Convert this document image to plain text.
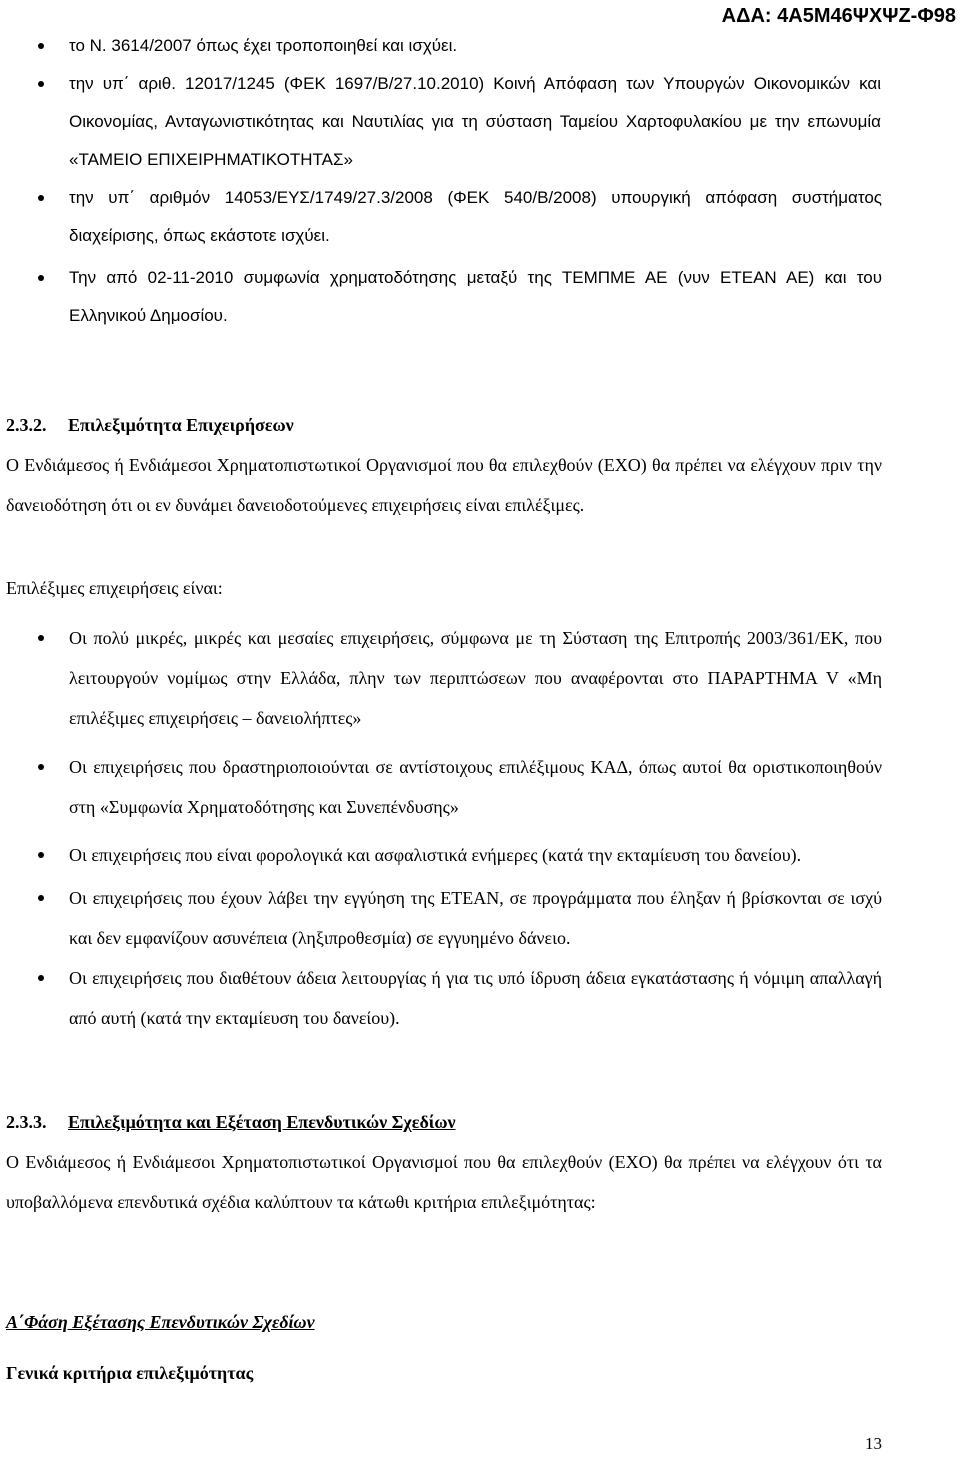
ΑΔΑ: 4Α5Μ46ΨΧΨΖ-Φ98
το Ν. 3614/2007 όπως έχει τροποποιηθεί και ισχύει.
την υπ΄ αριθ. 12017/1245 (ΦΕΚ 1697/Β/27.10.2010) Κοινή Απόφαση των Υπουργών Οικονομικών και Οικονομίας, Ανταγωνιστικότητας και Ναυτιλίας για τη σύσταση Ταμείου Χαρτοφυλακίου με την επωνυμία «ΤΑΜΕΙΟ ΕΠΙΧΕΙΡΗΜΑΤΙΚΟΤΗΤΑΣ»
την υπ΄ αριθμόν 14053/ΕΥΣ/1749/27.3/2008 (ΦΕΚ 540/Β/2008) υπουργική απόφαση συστήματος διαχείρισης, όπως εκάστοτε ισχύει.
Την από 02-11-2010 συμφωνία χρηματοδότησης μεταξύ της ΤΕΜΠΜΕ ΑΕ (νυν ΕΤΕΑΝ ΑΕ) και του Ελληνικού Δημοσίου.
2.3.2. Επιλεξιμότητα Επιχειρήσεων

Ο Ενδιάμεσος ή Ενδιάμεσοι Χρηματοπιστωτικοί Οργανισμοί που θα επιλεχθούν (ΕΧΟ) θα πρέπει να ελέγχουν πριν την δανειοδότηση ότι οι εν δυνάμει δανειοδοτούμενες επιχειρήσεις είναι επιλέξιμες.

Επιλέξιμες επιχειρήσεις είναι:

Οι πολύ μικρές, μικρές και μεσαίες επιχειρήσεις, σύμφωνα με τη Σύσταση της Επιτροπής 2003/361/ΕΚ, που λειτουργούν νομίμως στην Ελλάδα, πλην των περιπτώσεων που αναφέρονται στο ΠΑΡΑΡΤΗΜΑ V «Μη επιλέξιμες επιχειρήσεις – δανειολήπτες»
Οι επιχειρήσεις που δραστηριοποιούνται σε αντίστοιχους επιλέξιμους ΚΑΔ, όπως αυτοί θα οριστικοποιηθούν στη «Συμφωνία Χρηματοδότησης και Συνεπένδυσης»
Οι επιχειρήσεις που είναι φορολογικά και ασφαλιστικά ενήμερες (κατά την εκταμίευση του δανείου).
Οι επιχειρήσεις που έχουν λάβει την εγγύηση της ΕΤΕΑΝ, σε προγράμματα που έληξαν ή βρίσκονται σε ισχύ και δεν εμφανίζουν ασυνέπεια (ληξιπροθεσμία) σε εγγυημένο δάνειο.
Οι επιχειρήσεις που διαθέτουν άδεια λειτουργίας ή για τις υπό ίδρυση άδεια εγκατάστασης ή νόμιμη απαλλαγή από αυτή (κατά την εκταμίευση του δανείου).
2.3.3. Επιλεξιμότητα και Εξέταση Επενδυτικών Σχεδίων

Ο Ενδιάμεσος ή Ενδιάμεσοι Χρηματοπιστωτικοί Οργανισμοί που θα επιλεχθούν (ΕΧΟ) θα πρέπει να ελέγχουν ότι τα υποβαλλόμενα επενδυτικά σχέδια καλύπτουν τα κάτωθι κριτήρια επιλεξιμότητας:

Α΄Φάση Εξέτασης Επενδυτικών Σχεδίων
Γενικά κριτήρια επιλεξιμότητας
13
